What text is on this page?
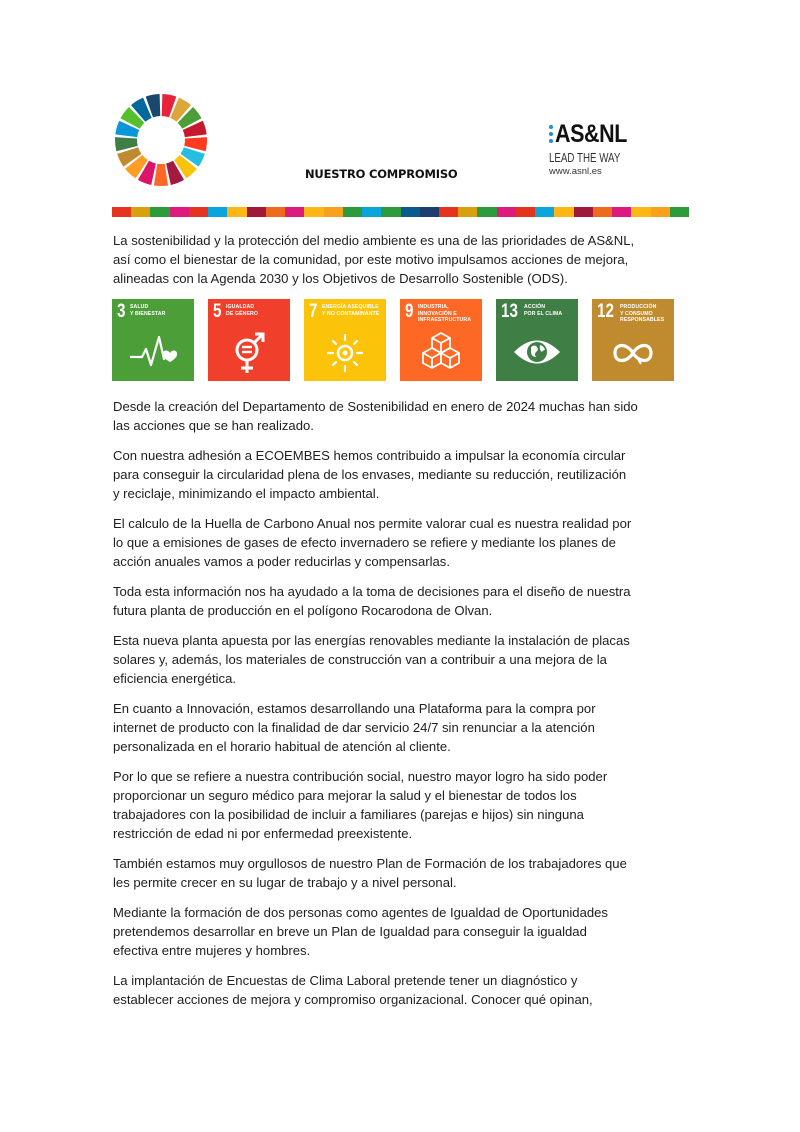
NUESTRO COMPROMISO
AS&NL
LEAD THE WAY
www.asnl.es

La sostenibilidad y la protección del medio ambiente es una de las prioridades de AS&NL,
así como el bienestar de la comunidad, por este motivo impulsamos acciones de mejora,
alineadas con la Agenda 2030 y los Objetivos de Desarrollo Sostenible (ODS).

3 SALUD
Y BIENESTAR	5 IGUALDAD
DE GÉNERO	7 ENERGÍA ASEQUIBLE
Y NO CONTAMINANTE 9 INDUSTRIA,
INNOVACIÓN E
INFRAESTRUCTURA 13 ACCIÓN
POR EL CLIMA 12 PRODUCCIÓN
Y CONSUMO
RESPONSABLES

Desde la creación del Departamento de Sostenibilidad en enero de 2024 muchas han sido
las acciones que se han realizado.

Con nuestra adhesión a ECOEMBES hemos contribuido a impulsar la economía circular
para conseguir la circularidad plena de los envases, mediante su reducción, reutilización
y reciclaje, minimizando el impacto ambiental.

El calculo de la Huella de Carbono Anual nos permite valorar cual es nuestra realidad por
lo que a emisiones de gases de efecto invernadero se refiere y mediante los planes de
acción anuales vamos a poder reducirlas y compensarlas.

Toda esta información nos ha ayudado a la toma de decisiones para el diseño de nuestra
futura planta de producción en el polígono Rocarodona de Olvan.

Esta nueva planta apuesta por las energías renovables mediante la instalación de placas
solares y, además, los materiales de construcción van a contribuir a una mejora de la
eficiencia energética.

En cuanto a Innovación, estamos desarrollando una Plataforma para la compra por
internet de producto con la finalidad de dar servicio 24/7 sin renunciar a la atención
personalizada en el horario habitual de atención al cliente.

Por lo que se refiere a nuestra contribución social, nuestro mayor logro ha sido poder
proporcionar un seguro médico para mejorar la salud y el bienestar de todos los
trabajadores con la posibilidad de incluir a familiares (parejas e hijos) sin ninguna
restricción de edad ni por enfermedad preexistente.

También estamos muy orgullosos de nuestro Plan de Formación de los trabajadores que
les permite crecer en su lugar de trabajo y a nivel personal.

Mediante la formación de dos personas como agentes de Igualdad de Oportunidades
pretendemos desarrollar en breve un Plan de Igualdad para conseguir la igualdad
efectiva entre mujeres y hombres.

La implantación de Encuestas de Clima Laboral pretende tener un diagnóstico y
establecer acciones de mejora y compromiso organizacional. Conocer qué opinan,
